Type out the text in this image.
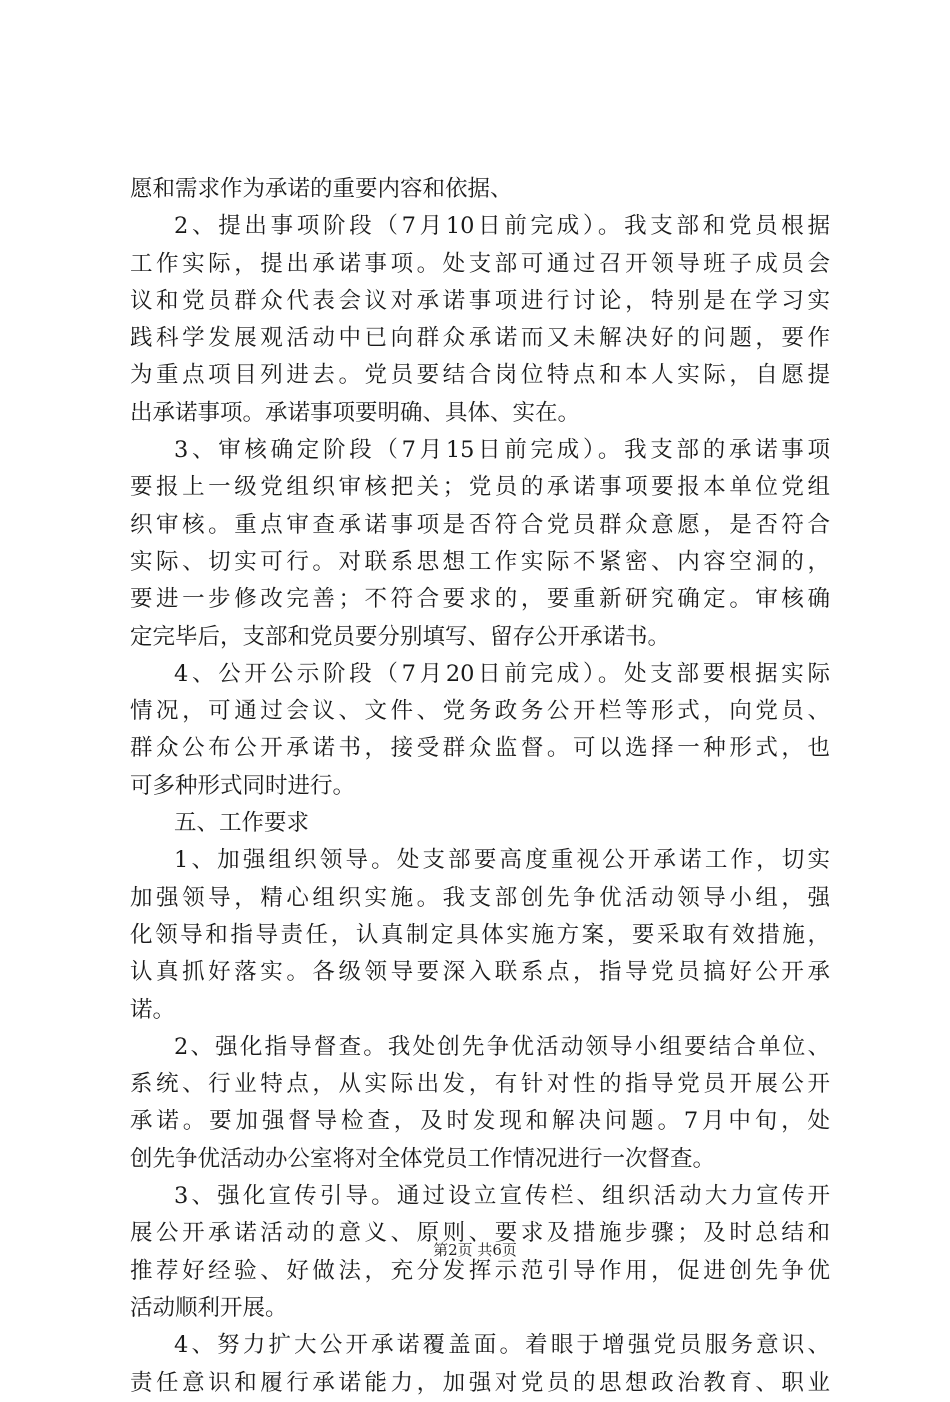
愿和需求作为承诺的重要内容和依据、
2、提出事项阶段（7月10日前完成）。我支部和党员根据
工作实际，提出承诺事项。处支部可通过召开领导班子成员会
议和党员群众代表会议对承诺事项进行讨论，特别是在学习实
践科学发展观活动中已向群众承诺而又未解决好的问题，要作
为重点项目列进去。党员要结合岗位特点和本人实际，自愿提
出承诺事项。承诺事项要明确、具体、实在。
3、审核确定阶段（7月15日前完成）。我支部的承诺事项
要报上一级党组织审核把关；党员的承诺事项要报本单位党组
织审核。重点审查承诺事项是否符合党员群众意愿，是否符合
实际、切实可行。对联系思想工作实际不紧密、内容空洞的，
要进一步修改完善；不符合要求的，要重新研究确定。审核确
定完毕后，支部和党员要分别填写、留存公开承诺书。
4、公开公示阶段（7月20日前完成）。处支部要根据实际
情况，可通过会议、文件、党务政务公开栏等形式，向党员、
群众公布公开承诺书，接受群众监督。可以选择一种形式，也
可多种形式同时进行。
五、工作要求
1、加强组织领导。处支部要高度重视公开承诺工作，切实
加强领导，精心组织实施。我支部创先争优活动领导小组，强
化领导和指导责任，认真制定具体实施方案，要采取有效措施，
认真抓好落实。各级领导要深入联系点，指导党员搞好公开承
诺。
2、强化指导督查。我处创先争优活动领导小组要结合单位、
系统、行业特点，从实际出发，有针对性的指导党员开展公开
承诺。要加强督导检查，及时发现和解决问题。7月中旬，处
创先争优活动办公室将对全体党员工作情况进行一次督查。
3、强化宣传引导。通过设立宣传栏、组织活动大力宣传开
展公开承诺活动的意义、原则、要求及措施步骤；及时总结和
推荐好经验、好做法，充分发挥示范引导作用，促进创先争优
活动顺利开展。
4、努力扩大公开承诺覆盖面。着眼于增强党员服务意识、
责任意识和履行承诺能力，加强对党员的思想政治教育、职业
第2页 共6页
